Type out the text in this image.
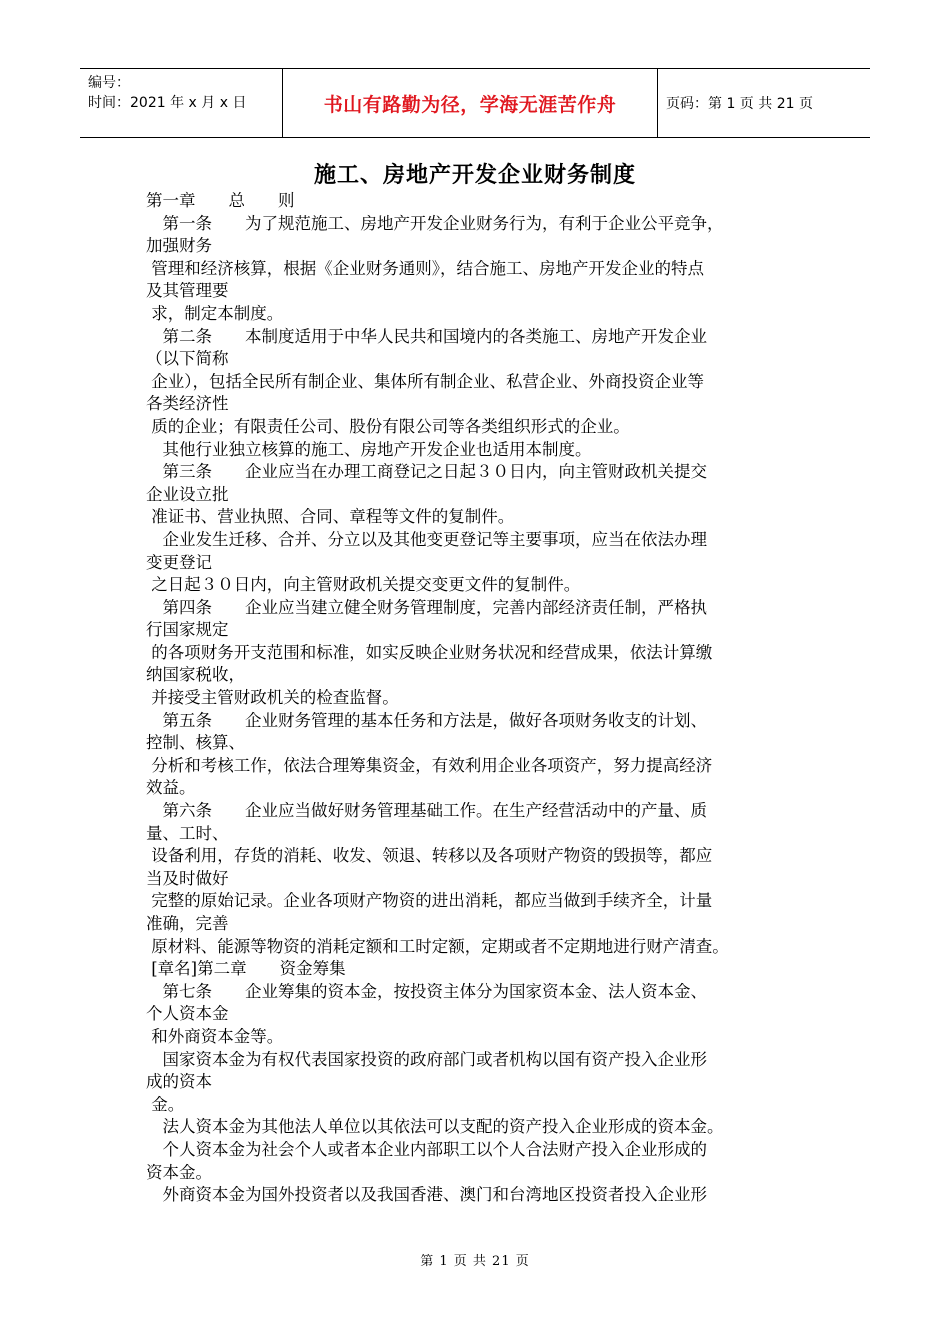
编号：
时间：2021 年 x 月 x 日	书山有路勤为径，学海无涯苦作舟	页码：第 1 页 共 21 页
施工、房地产开发企业财务制度
第一章　　总　　则
　第一条　　为了规范施工、房地产开发企业财务行为，有利于企业公平竞争，
加强财务
管理和经济核算，根据《企业财务通则》，结合施工、房地产开发企业的特点
及其管理要
求，制定本制度。
　第二条　　本制度适用于中华人民共和国境内的各类施工、房地产开发企业
（以下简称
企业），包括全民所有制企业、集体所有制企业、私营企业、外商投资企业等
各类经济性
质的企业；有限责任公司、股份有限公司等各类组织形式的企业。
　其他行业独立核算的施工、房地产开发企业也适用本制度。
　第三条　　企业应当在办理工商登记之日起３０日内，向主管财政机关提交
企业设立批
准证书、营业执照、合同、章程等文件的复制件。
　企业发生迁移、合并、分立以及其他变更登记等主要事项，应当在依法办理
变更登记
之日起３０日内，向主管财政机关提交变更文件的复制件。
　第四条　　企业应当建立健全财务管理制度，完善内部经济责任制，严格执
行国家规定
的各项财务开支范围和标准，如实反映企业财务状况和经营成果，依法计算缴
纳国家税收，
并接受主管财政机关的检查监督。
　第五条　　企业财务管理的基本任务和方法是，做好各项财务收支的计划、
控制、核算、
分析和考核工作，依法合理筹集资金，有效利用企业各项资产，努力提高经济
效益。
　第六条　　企业应当做好财务管理基础工作。在生产经营活动中的产量、质
量、工时、
设备利用，存货的消耗、收发、领退、转移以及各项财产物资的毁损等，都应
当及时做好
完整的原始记录。企业各项财产物资的进出消耗，都应当做到手续齐全，计量
准确，完善
原材料、能源等物资的消耗定额和工时定额，定期或者不定期地进行财产清查。
[章名]第二章　　资金筹集
　第七条　　企业筹集的资本金，按投资主体分为国家资本金、法人资本金、
个人资本金
和外商资本金等。
　国家资本金为有权代表国家投资的政府部门或者机构以国有资产投入企业形
成的资本
金。
　法人资本金为其他法人单位以其依法可以支配的资产投入企业形成的资本金。
　个人资本金为社会个人或者本企业内部职工以个人合法财产投入企业形成的
资本金。
　外商资本金为国外投资者以及我国香港、澳门和台湾地区投资者投入企业形
第 1 页 共 21 页
